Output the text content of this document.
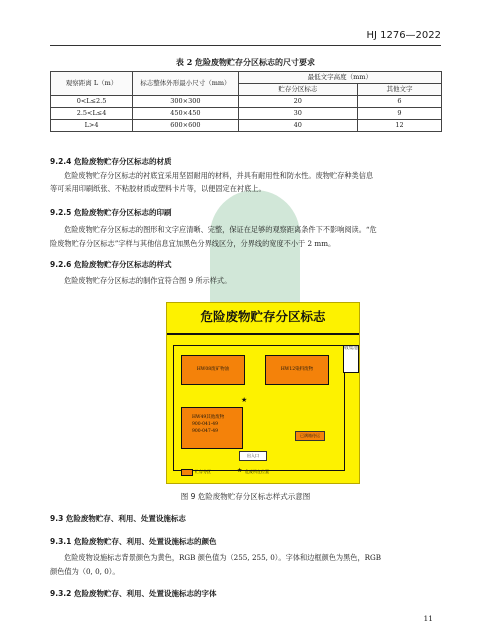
HJ 1276—2022
表 2 危险废物贮存分区标志的尺寸要求
观察距离 L（m）	标志整体外形最小尺寸（mm）	最低文字高度（mm）	
		贮存分区标志	其他文字
0<L≤2.5	300×300	20	6
2.5<L≤4	450×450	30	9
L>4	600×600	40	12
9.2.4 危险废物贮存分区标志的材质
危险废物贮存分区标志的衬底宜采用坚固耐用的材料，并具有耐用性和防水性。废物贮存种类信息
等可采用印刷纸张、不粘胶材质或塑料卡片等，以便固定在衬底上。
9.2.5 危险废物贮存分区标志的印刷
危险废物贮存分区标志的图形和文字应清晰、完整，保证在足够的观察距离条件下不影响阅读。“危
险废物贮存分区标志”字样与其他信息宜加黑色分界线区分，分界线的宽度不小于 2 mm。
9.2.6 危险废物贮存分区标志的样式
危险废物贮存分区标志的制作宜符合图 9 所示样式。
危险废物贮存分区标志
收集池
HW08废矿物油	HW12染料废物
★
HW49其他废物
900-041-49
900-047-49
已满箱待运
出入口
贮存分区	★ 危废所在位置
图 9 危险废物贮存分区标志样式示意图
9.3 危险废物贮存、利用、处置设施标志
9.3.1 危险废物贮存、利用、处置设施标志的颜色
危险废物设施标志背景颜色为黄色，RGB 颜色值为（255, 255, 0）。字体和边框颜色为黑色，RGB
颜色值为（0, 0, 0）。
9.3.2 危险废物贮存、利用、处置设施标志的字体
11
